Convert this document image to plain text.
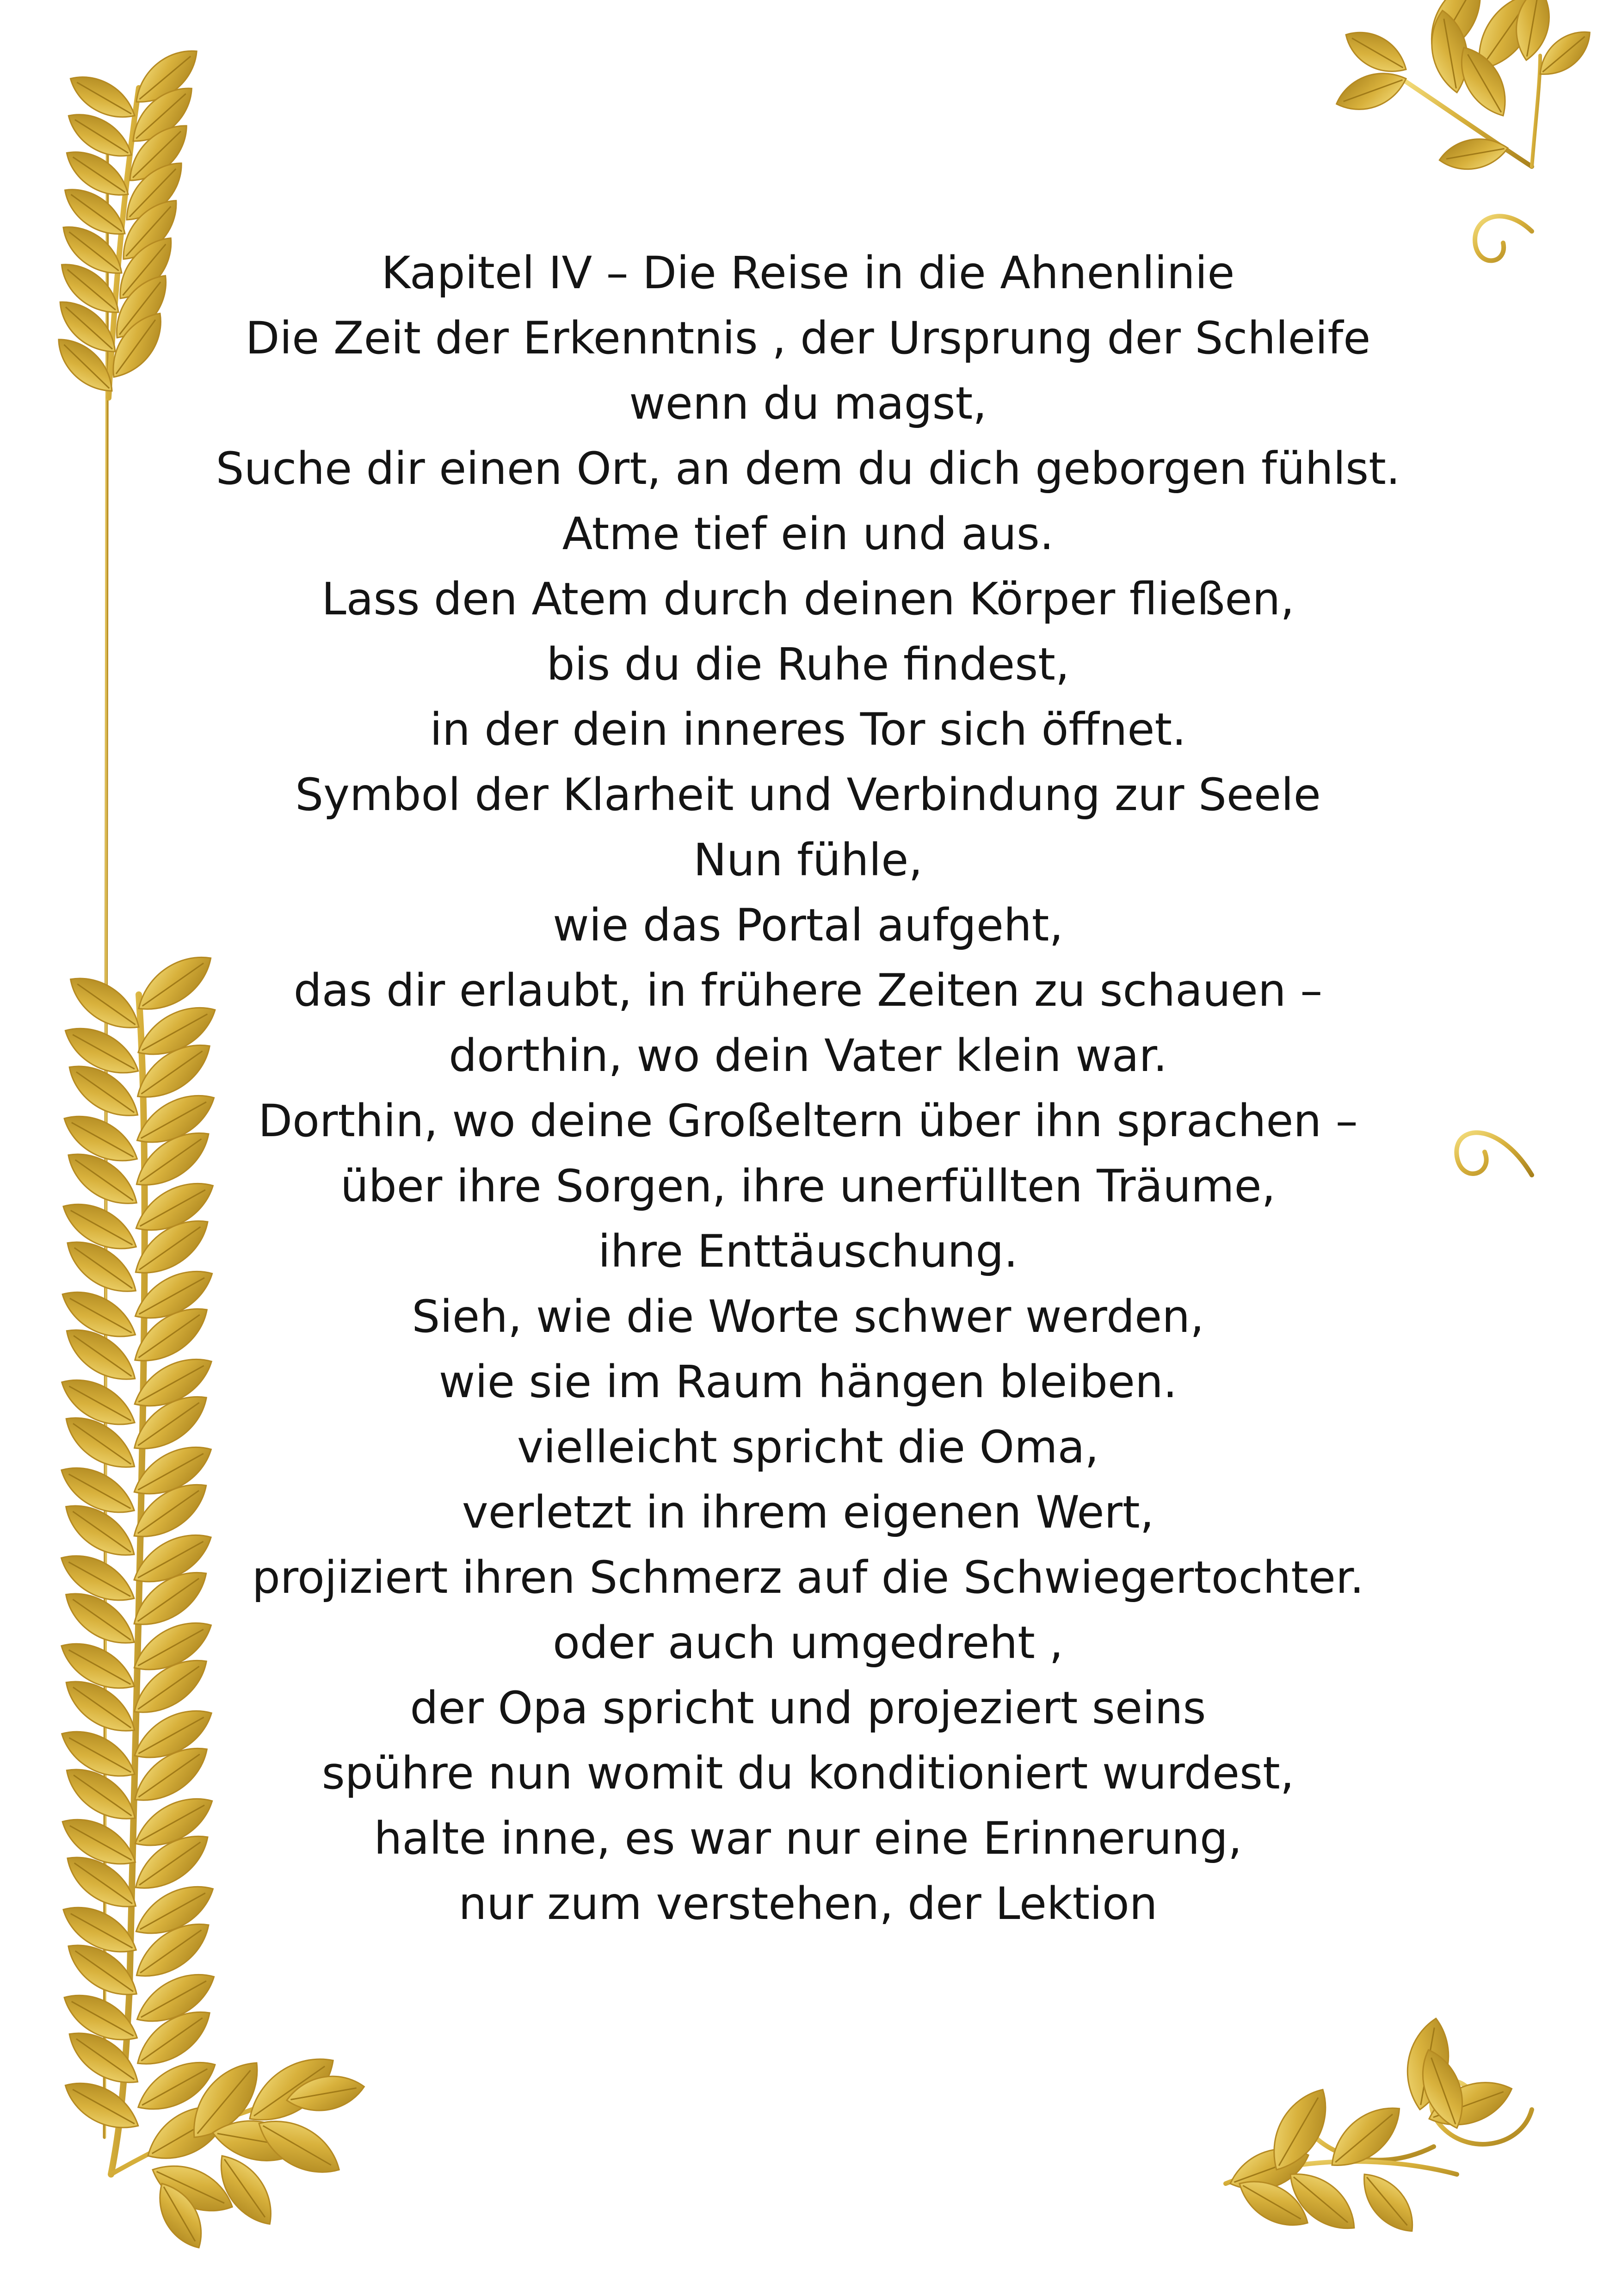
Kapitel IV – Die Reise in die Ahnenlinie
Die Zeit der Erkenntnis , der Ursprung der Schleife
wenn du magst,
Suche dir einen Ort, an dem du dich geborgen fühlst.
Atme tief ein und aus.
Lass den Atem durch deinen Körper fließen,
bis du die Ruhe findest,
in der dein inneres Tor sich öffnet.
Symbol der Klarheit und Verbindung zur Seele
Nun fühle,
wie das Portal aufgeht,
das dir erlaubt, in frühere Zeiten zu schauen –
dorthin, wo dein Vater klein war.
Dorthin, wo deine Großeltern über ihn sprachen –
über ihre Sorgen, ihre unerfüllten Träume,
ihre Enttäuschung.
Sieh, wie die Worte schwer werden,
wie sie im Raum hängen bleiben.
vielleicht spricht die Oma,
verletzt in ihrem eigenen Wert,
projiziert ihren Schmerz auf die Schwiegertochter.
oder auch umgedreht ,
der Opa spricht und projeziert seins
spühre nun womit du konditioniert wurdest,
halte inne, es war nur eine Erinnerung,
nur zum verstehen, der Lektion
